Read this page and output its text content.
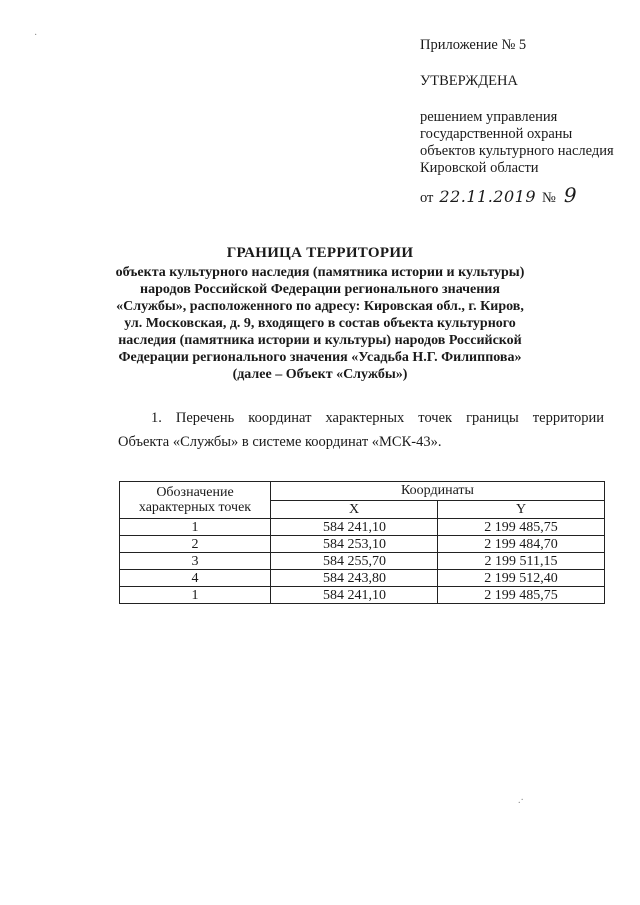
Приложение № 5
УТВЕРЖДЕНА
решением управления
государственной охраны
объектов культурного наследия
Кировской области
от 22.11.2019 № 9
ГРАНИЦА ТЕРРИТОРИИ
объекта культурного наследия (памятника истории и культуры)
народов Российской Федерации регионального значения
«Службы», расположенного по адресу: Кировская обл., г. Киров,
ул. Московская, д. 9, входящего в состав объекта культурного
наследия (памятника истории и культуры) народов Российской
Федерации регионального значения «Усадьба Н.Г. Филиппова»
(далее – Объект «Службы»)
1. Перечень координат характерных точек границы территории
Объекта «Службы» в системе координат «МСК-43».
Обозначение характерных точек	Координаты	
	X	Y
1	584 241,10	2 199 485,75
2	584 253,10	2 199 484,70
3	584 255,70	2 199 511,15
4	584 243,80	2 199 512,40
1	584 241,10	2 199 485,75
·
.·
